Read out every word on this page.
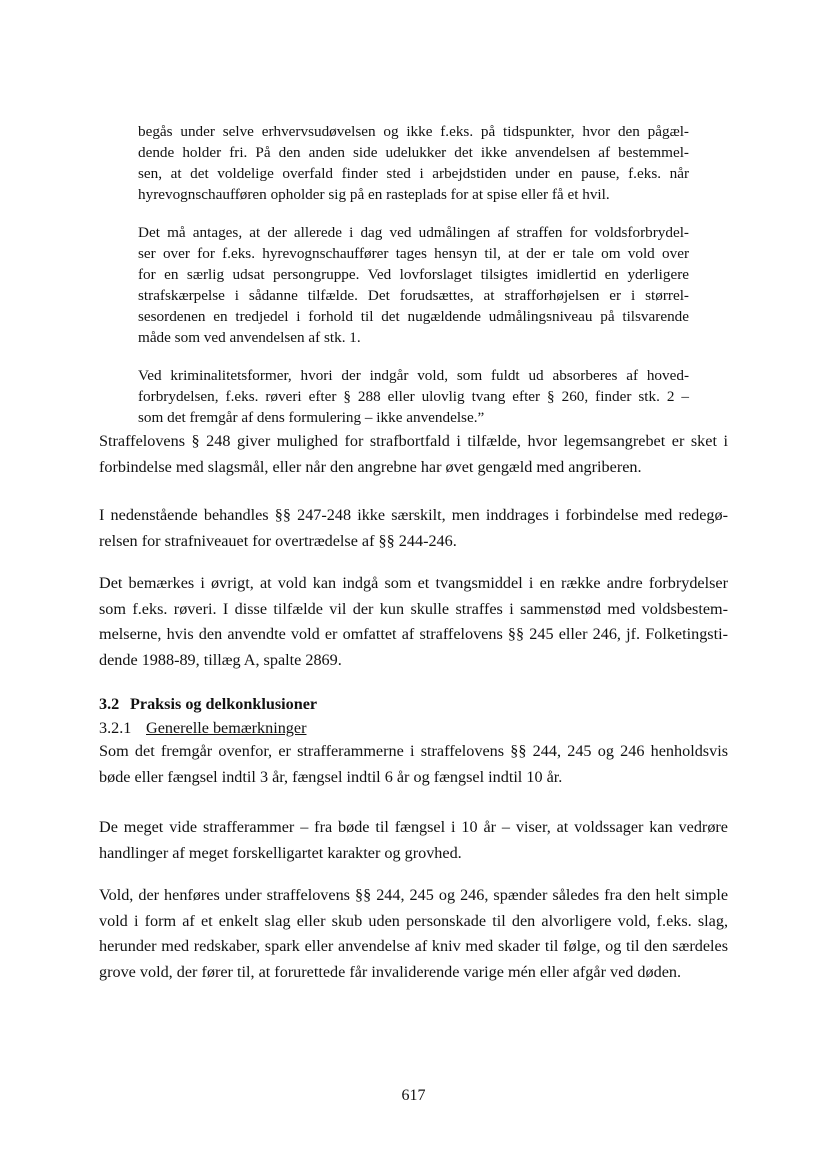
begås under selve erhvervsudøvelsen og ikke f.eks. på tidspunkter, hvor den pågæl-
dende holder fri. På den anden side udelukker det ikke anvendelsen af bestemmel-
sen, at det voldelige overfald finder sted i arbejdstiden under en pause, f.eks. når
hyrevognschaufføren opholder sig på en rasteplads for at spise eller få et hvil.

Det må antages, at der allerede i dag ved udmålingen af straffen for voldsforbrydel-
ser over for f.eks. hyrevognschauffører tages hensyn til, at der er tale om vold over
for en særlig udsat persongruppe. Ved lovforslaget tilsigtes imidlertid en yderligere
strafskærpelse i sådanne tilfælde. Det forudsættes, at strafforhøjelsen er i størrel-
sesordenen en tredjedel i forhold til det nugældende udmålingsniveau på tilsvarende
måde som ved anvendelsen af stk. 1.

Ved kriminalitetsformer, hvori der indgår vold, som fuldt ud absorberes af hoved-
forbrydelsen, f.eks. røveri efter § 288 eller ulovlig tvang efter § 260, finder stk. 2 –
som det fremgår af dens formulering – ikke anvendelse.”

Straffelovens § 248 giver mulighed for strafbortfald i tilfælde, hvor legemsangrebet er sket i
forbindelse med slagsmål, eller når den angrebne har øvet gengæld med angriberen.
I nedenstående behandles §§ 247-248 ikke særskilt, men inddrages i forbindelse med redegø-
relsen for strafniveauet for overtrædelse af §§ 244-246.
Det bemærkes i øvrigt, at vold kan indgå som et tvangsmiddel i en række andre forbrydelser
som f.eks. røveri. I disse tilfælde vil der kun skulle straffes i sammenstød med voldsbestem-
melserne, hvis den anvendte vold er omfattet af straffelovens §§ 245 eller 246, jf. Folketingsti-
dende 1988-89, tillæg A, spalte 2869.
3.2 Praksis og delkonklusioner
3.2.1 Generelle bemærkninger
Som det fremgår ovenfor, er strafferammerne i straffelovens §§ 244, 245 og 246 henholdsvis
bøde eller fængsel indtil 3 år, fængsel indtil 6 år og fængsel indtil 10 år.
De meget vide strafferammer – fra bøde til fængsel i 10 år – viser, at voldssager kan vedrøre
handlinger af meget forskelligartet karakter og grovhed.
Vold, der henføres under straffelovens §§ 244, 245 og 246, spænder således fra den helt simple
vold i form af et enkelt slag eller skub uden personskade til den alvorligere vold, f.eks. slag,
herunder med redskaber, spark eller anvendelse af kniv med skader til følge, og til den særdeles
grove vold, der fører til, at forurettede får invaliderende varige mén eller afgår ved døden.
617
